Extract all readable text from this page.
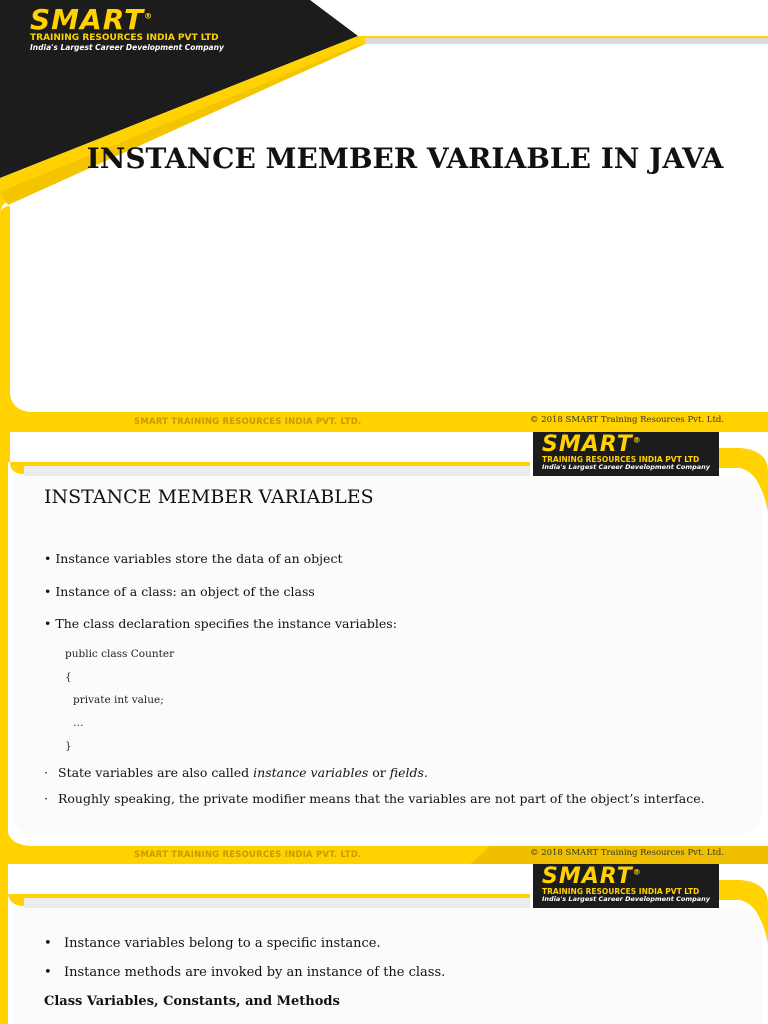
SMART®
TRAINING RESOURCES INDIA PVT LTD
India's Largest Career Development Company
INSTANCE MEMBER VARIABLE IN JAVA
SMART TRAINING RESOURCES INDIA PVT. LTD.	© 2018 SMART Training Resources Pvt. Ltd.
SMART®
TRAINING RESOURCES INDIA PVT LTD
India's Largest Career Development Company
SMART TRAINING RESOURCES INDIA PVT. LTD.	© 2018 SMART Training Resources Pvt. Ltd.
INSTANCE MEMBER VARIABLES
• Instance variables store the data of an object
• Instance of a class: an object of the class
• The class declaration specifies the instance variables:
public class Counter
{
private int value;
…
}
· State variables are also called instance variables or fields.
· Roughly speaking, the private modifier means that the variables are not part of the object’s interface.
SMART®
TRAINING RESOURCES INDIA PVT LTD
India's Largest Career Development Company
• Instance variables belong to a specific instance.
• Instance methods are invoked by an instance of the class.
Class Variables, Constants, and Methods
